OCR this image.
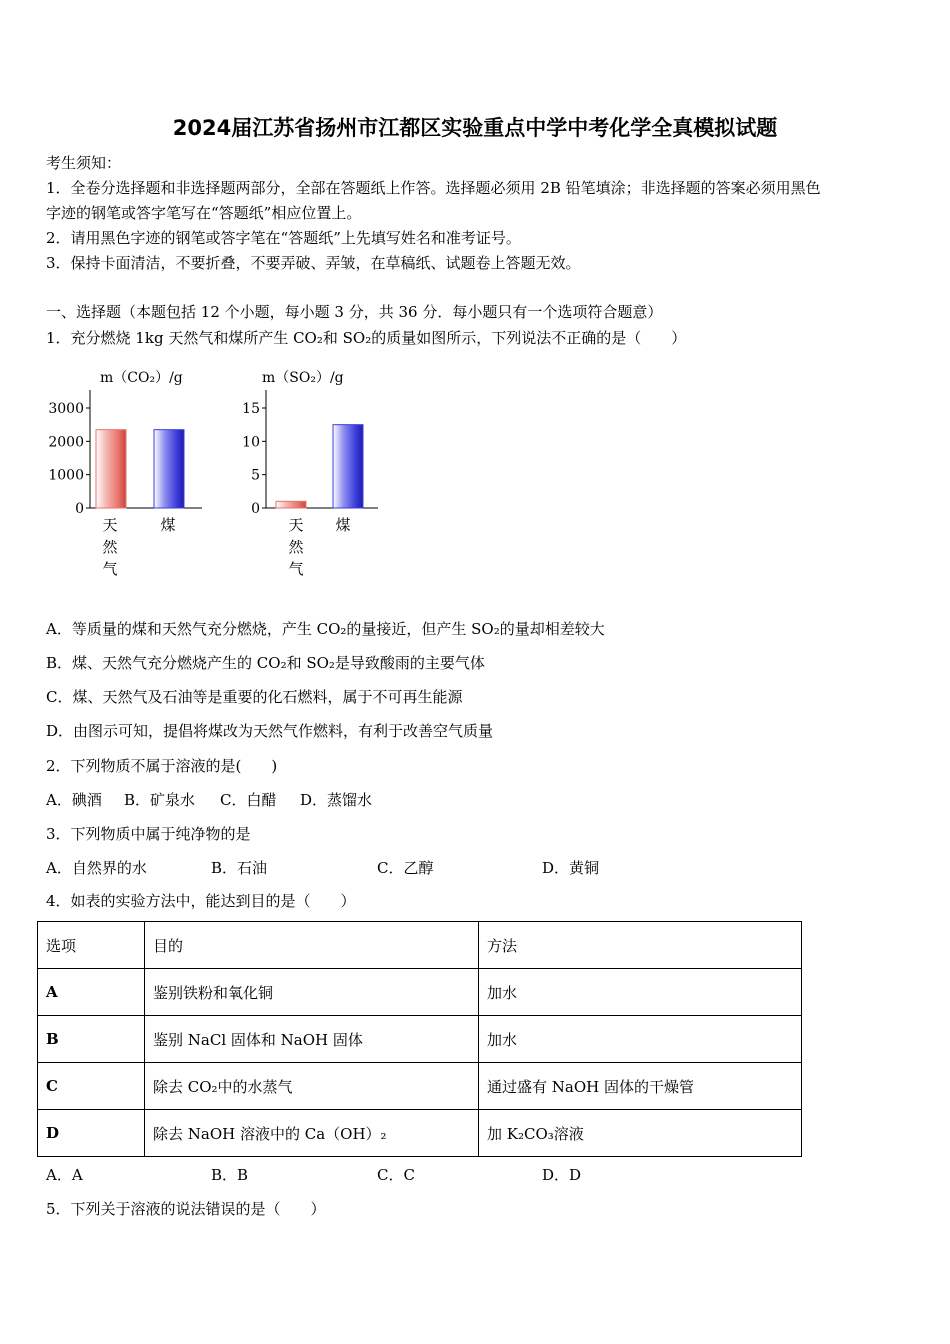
2024届江苏省扬州市江都区实验重点中学中考化学全真模拟试题
考生须知：
1．全卷分选择题和非选择题两部分，全部在答题纸上作答。选择题必须用 2B 铅笔填涂；非选择题的答案必须用黑色
字迹的钢笔或答字笔写在“答题纸”相应位置上。
2．请用黑色字迹的钢笔或答字笔在“答题纸”上先填写姓名和准考证号。
3．保持卡面清洁，不要折叠，不要弄破、弄皱，在草稿纸、试题卷上答题无效。
一、选择题（本题包括 12 个小题，每小题 3 分，共 36 分．每小题只有一个选项符合题意）
1．充分燃烧 1kg 天然气和煤所产生 CO₂和 SO₂的质量如图所示，下列说法不正确的是（　　）
m（CO₂）/g
0
1000
2000
3000
天然气
煤
m（SO₂）/g
0
5
10
15
天然气
煤
A．等质量的煤和天然气充分燃烧，产生 CO₂的量接近，但产生 SO₂的量却相差较大
B．煤、天然气充分燃烧产生的 CO₂和 SO₂是导致酸雨的主要气体
C．煤、天然气及石油等是重要的化石燃料，属于不可再生能源
D．由图示可知，提倡将煤改为天然气作燃料，有利于改善空气质量
2．下列物质不属于溶液的是(　　)
A．碘酒 B．矿泉水 C．白醋 D．蒸馏水
3．下列物质中属于纯净物的是
A．自然界的水	B．石油	C．乙醇	D．黄铜
4．如表的实验方法中，能达到目的是（　　）
选项	目的	方法
A	鉴别铁粉和氧化铜	加水
B	鉴别 NaCl 固体和 NaOH 固体	加水
C	除去 CO₂中的水蒸气	通过盛有 NaOH 固体的干燥管
D	除去 NaOH 溶液中的 Ca（OH）₂	加 K₂CO₃溶液
A．A	B．B	C．C	D．D
5．下列关于溶液的说法错误的是（　　）
